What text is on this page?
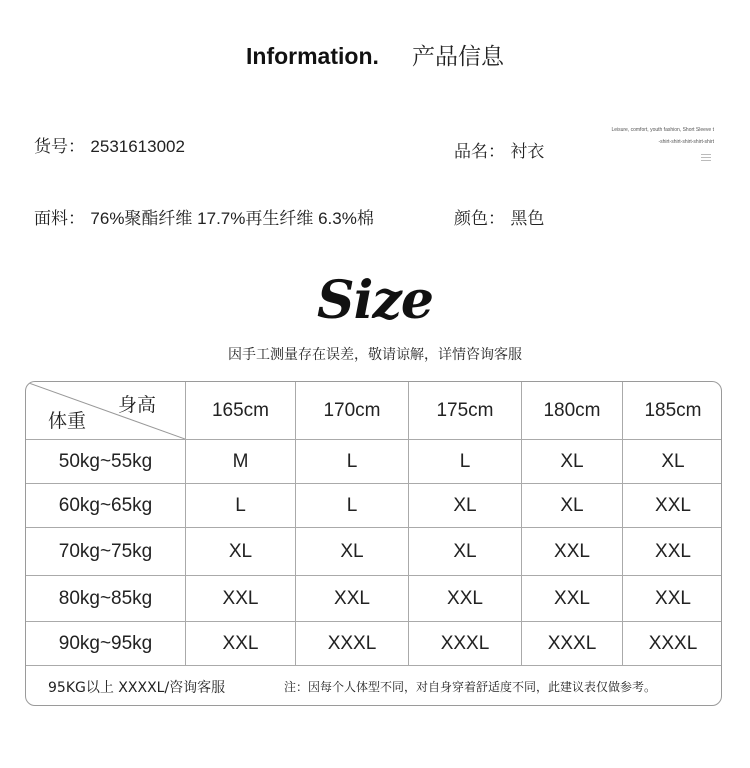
Information. 产品信息
货号： 2531613002	品名： 衬衣
面料： 76%聚酯纤维 17.7%再生纤维 6.3%棉	颜色： 黑色
Leisure, comfort, youth fashion, Short Sleeve t
-shirt-shirt-shirt-shirt-shirt
Size
因手工测量存在误差，敬请谅解，详情咨询客服
身高
体重	165cm	170cm	175cm	180cm	185cm
50kg~55kg	M	L	L	XL	XL
60kg~65kg	L	L	XL	XL	XXL
70kg~75kg	XL	XL	XL	XXL	XXL
80kg~85kg	XXL	XXL	XXL	XXL	XXL
90kg~95kg	XXL	XXXL	XXXL	XXXL	XXXL
95KG以上 XXXXL/咨询客服	注：因每个人体型不同，对自身穿着舒适度不同，此建议表仅做参考。
